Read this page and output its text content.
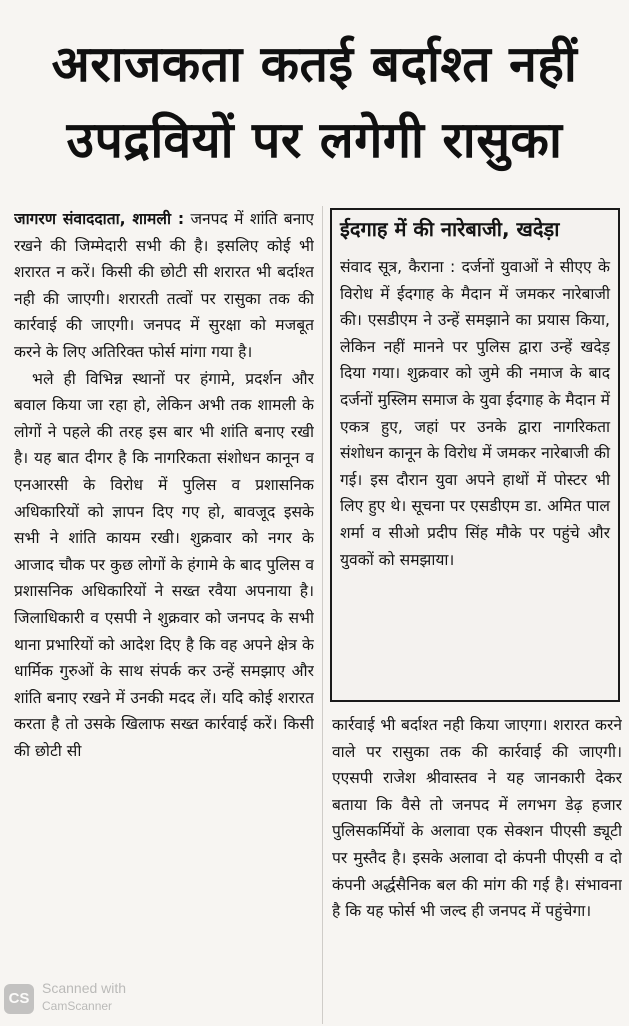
अराजकता कतई बर्दाश्त नहीं
उपद्रवियों पर लगेगी रासुका

जागरण संवाददाता, शामली : जनपद में शांति बनाए रखने की जिम्मेदारी सभी की है। इसलिए कोई भी शरारत न करें। किसी की छोटी सी शरारत भी बर्दाश्त नही की जाएगी। शरारती तत्वों पर रासुका तक की कार्रवाई की जाएगी। जनपद में सुरक्षा को मजबूत करने के लिए अतिरिक्त फोर्स मांगा गया है।

भले ही विभिन्न स्थानों पर हंगामे, प्रदर्शन और बवाल किया जा रहा हो, लेकिन अभी तक शामली के लोगों ने पहले की तरह इस बार भी शांति बनाए रखी है। यह बात दीगर है कि नागरिकता संशोधन कानून व एनआरसी के विरोध में पुलिस व प्रशासनिक अधिकारियों को ज्ञापन दिए गए हो, बावजूद इसके सभी ने शांति कायम रखी। शुक्रवार को नगर के आजाद चौक पर कुछ लोगों के हंगामे के बाद पुलिस व प्रशासनिक अधिकारियों ने सख्त रवैया अपनाया है। जिलाधिकारी व एसपी ने शुक्रवार को जनपद के सभी थाना प्रभारियों को आदेश दिए है कि वह अपने क्षेत्र के धार्मिक गुरुओं के साथ संपर्क कर उन्हें समझाए और शांति बनाए रखने में उनकी मदद लें। यदि कोई शरारत करता है तो उसके खिलाफ सख्त कार्रवाई करें। किसी की छोटी सी

ईदगाह में की नारेबाजी, खदेड़ा
संवाद सूत्र, कैराना : दर्जनों युवाओं ने सीएए के विरोध में ईदगाह के मैदान में जमकर नारेबाजी की। एसडीएम ने उन्हें समझाने का प्रयास किया, लेकिन नहीं मानने पर पुलिस द्वारा उन्हें खदेड़ दिया गया। शुक्रवार को जुमे की नमाज के बाद दर्जनों मुस्लिम समाज के युवा ईदगाह के मैदान में एकत्र हुए, जहां पर उनके द्वारा नागरिकता संशोधन कानून के विरोध में जमकर नारेबाजी की गई। इस दौरान युवा अपने हाथों में पोस्टर भी लिए हुए थे। सूचना पर एसडीएम डा. अमित पाल शर्मा व सीओ प्रदीप सिंह मौके पर पहुंचे और युवकों को समझाया।

कार्रवाई भी बर्दाश्त नही किया जाएगा। शरारत करने वाले पर रासुका तक की कार्रवाई की जाएगी। एएसपी राजेश श्रीवास्तव ने यह जानकारी देकर बताया कि वैसे तो जनपद में लगभग डेढ़ हजार पुलिसकर्मियों के अलावा एक सेक्शन पीएसी ड्यूटी पर मुस्तैद है। इसके अलावा दो कंपनी पीएसी व दो कंपनी अर्द्धसैनिक बल की मांग की गई है। संभावना है कि यह फोर्स भी जल्द ही जनपद में पहुंचेगा।

CS
Scanned with
CamScanner
